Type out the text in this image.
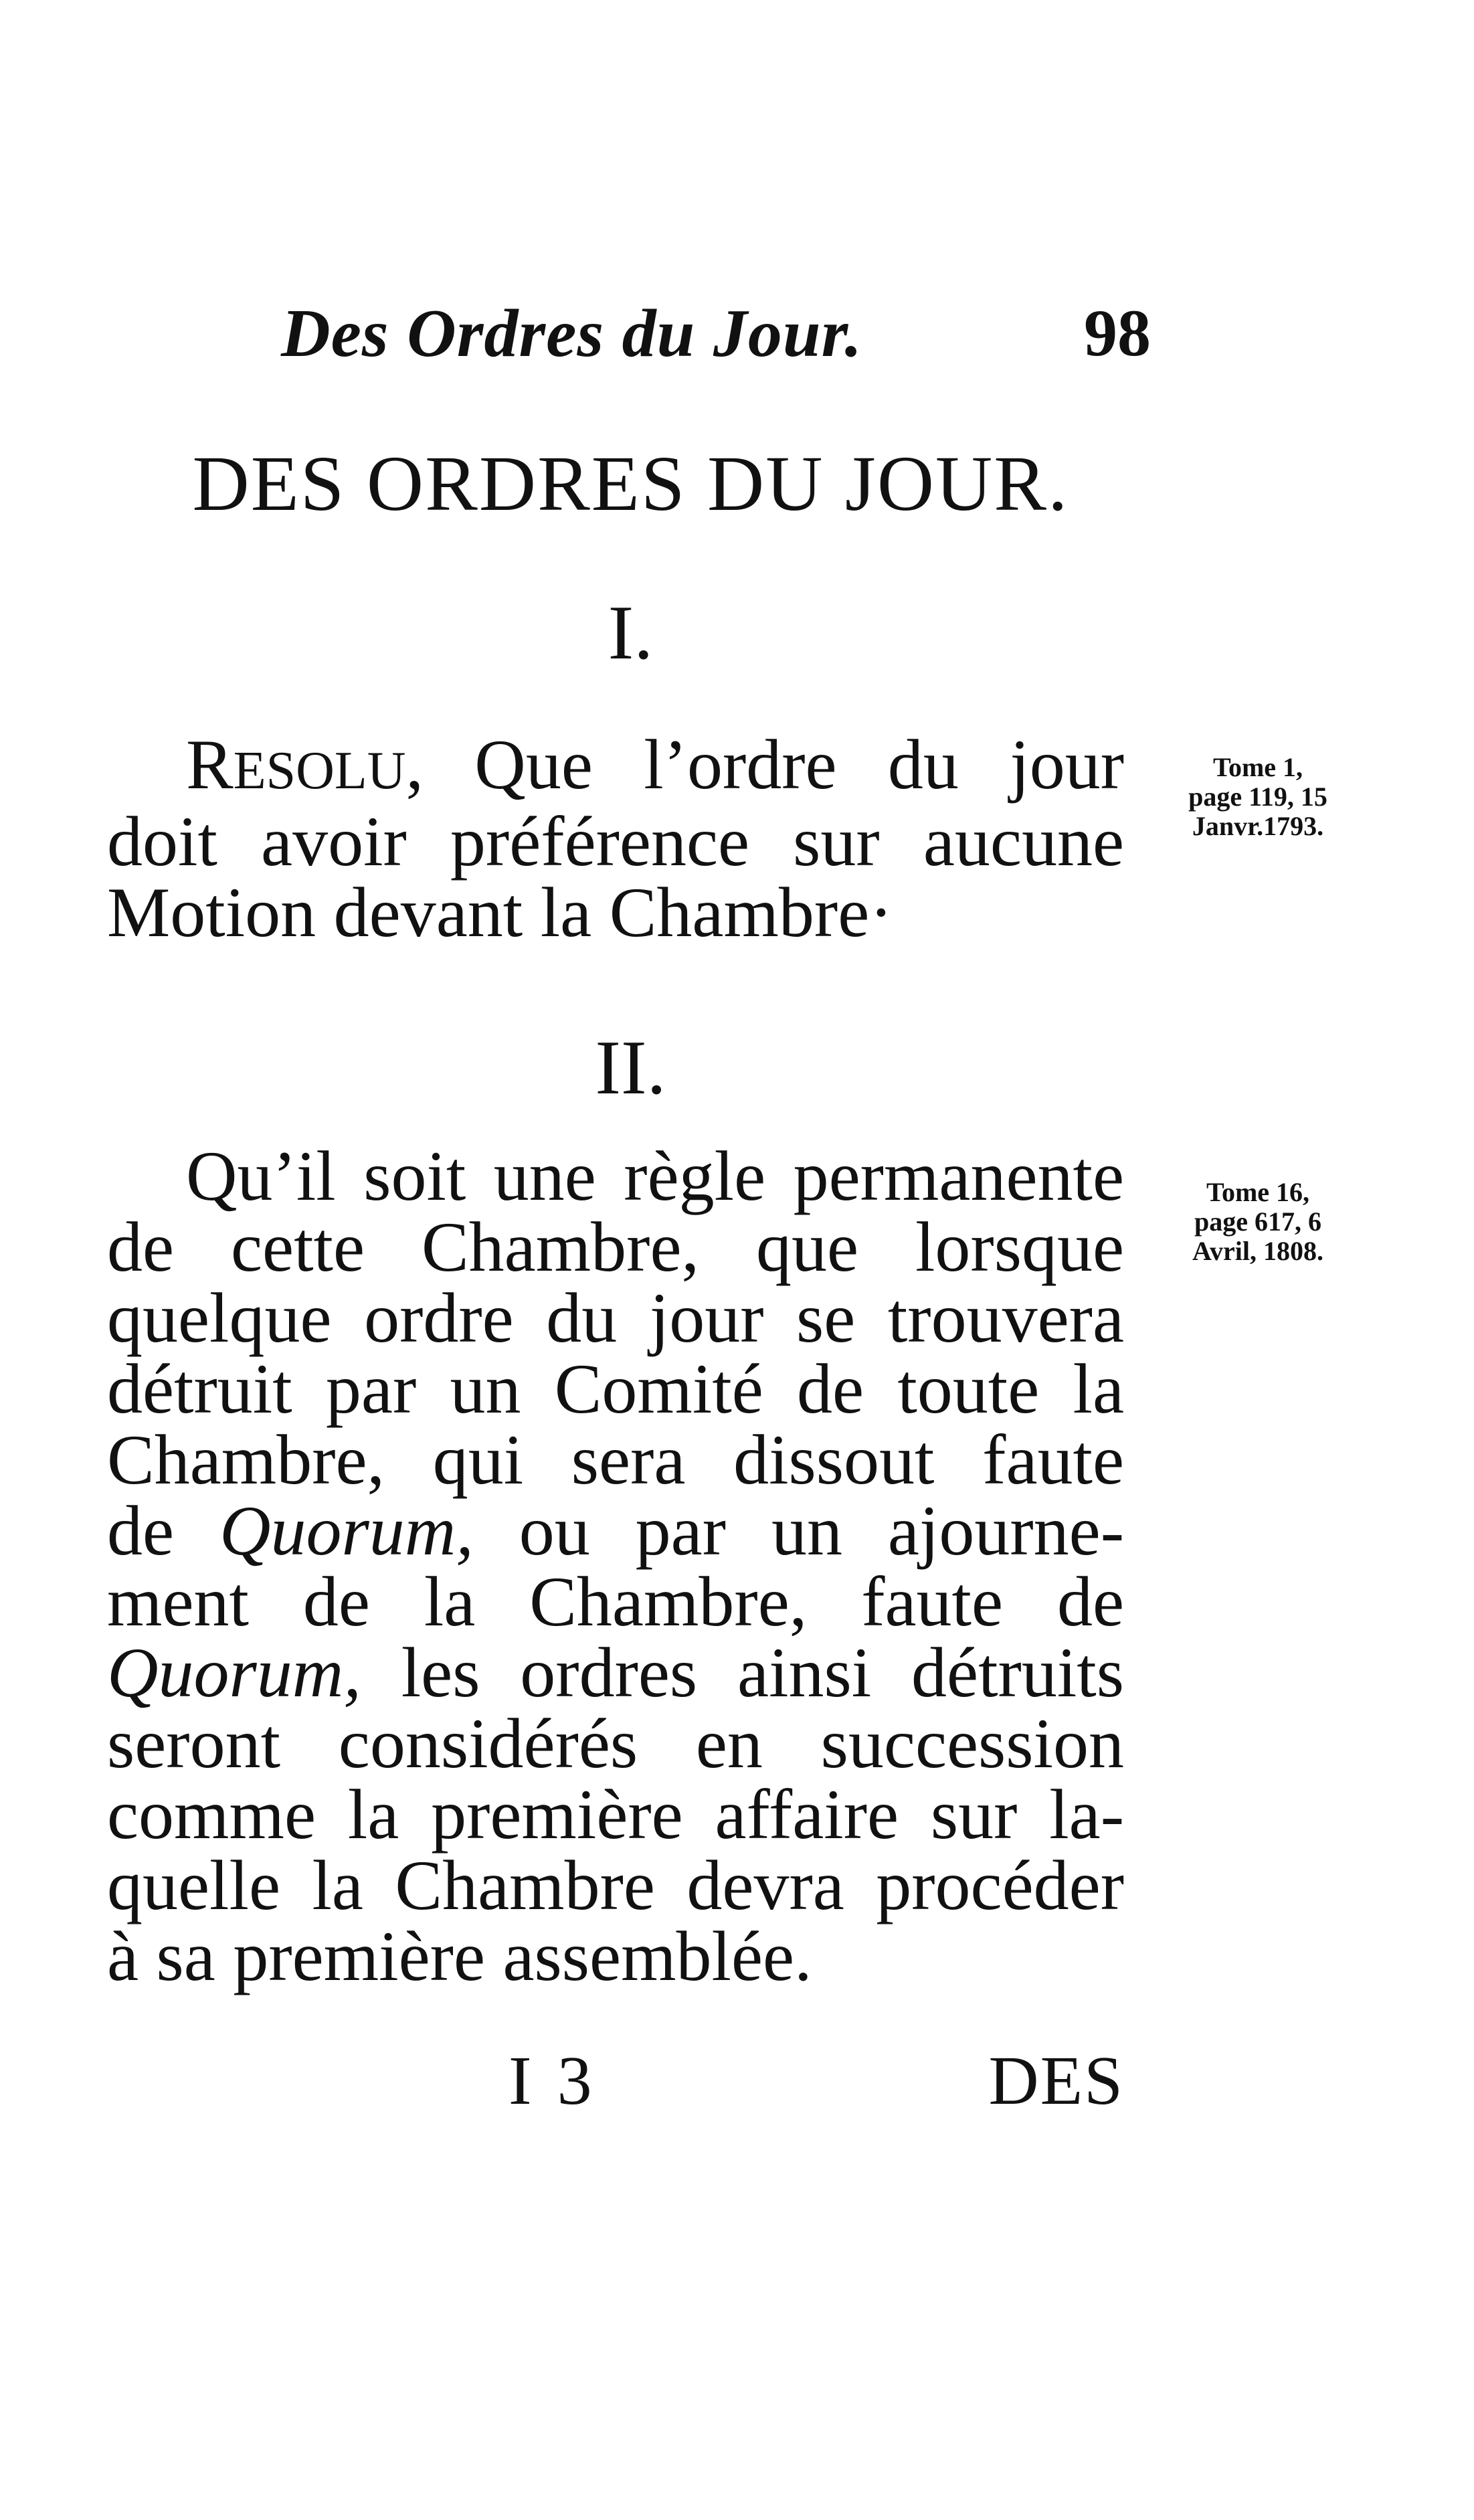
Des Ordres du Jour.	98
DES ORDRES DU JOUR.
I.
RESOLU, Que l’ordre du jour
doit avoir préférence sur aucune
Motion devant la Chambre·
Tome 1,
page 119, 15
Janvr.1793.
II.
Qu’il soit une règle permanente
de cette Chambre, que lorsque
quelque ordre du jour se trouvera
détruit par un Comité de toute la
Chambre, qui sera dissout faute
de Quorum, ou par un ajourne-
ment de la Chambre, faute de
Quorum, les ordres ainsi détruits
seront considérés en succession
comme la première affaire sur la-
quelle la Chambre devra procéder
à sa première assemblée.
Tome 16,
page 617, 6
Avril, 1808.
I 3	DES
